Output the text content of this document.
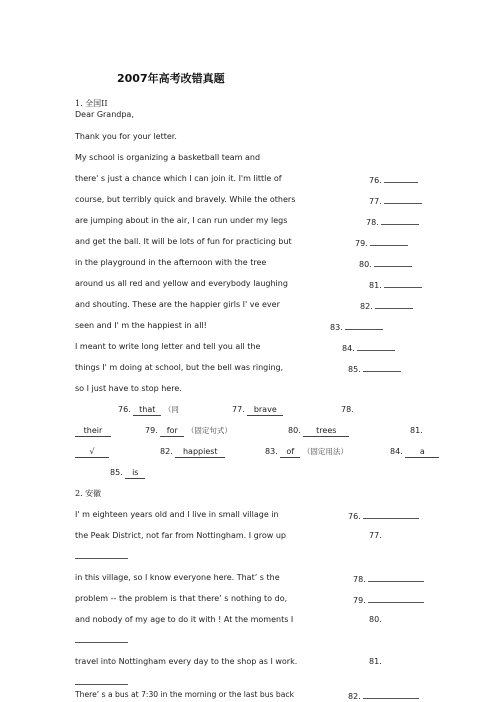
2007年高考改错真题
1. 全国II
Dear Grandpa,
Thank you for your letter.
My school is organizing a basketball team and
there' s just a chance which I can join it. I'm little of	76.
course, but terribly quick and bravely. While the others	77.
are jumping about in the air, I can run under my legs	78.
and get the ball. It will be lots of fun for practicing but	79.
in the playground in the afternoon with the tree	80.
around us all red and yellow and everybody laughing	81.
and shouting. These are the happier girls I' ve ever	82.
seen and I' m the happiest in all!	83.
I meant to write long letter and tell you all the	84.
things I' m doing at school, but the bell was ringing,	85.
so I just have to stop here.
76. that （同	77. brave	78.
their	79. for （固定句式）	80. trees	81.
√	82. happiest	83. of （固定用法）	84. a
85. is
2. 安徽
I' m eighteen years old and I live in small village in	76.
the Peak District, not far from Nottingham. I grow up	77.
in this village, so I know everyone here. That’ s the	78.
problem -- the problem is that there’ s nothing to do,	79.
and nobody of my age to do it with ! At the moments I	80.
travel into Nottingham every day to the shop as I work.	81.
There’ s a bus at 7:30 in the morning or the last bus back	82.
